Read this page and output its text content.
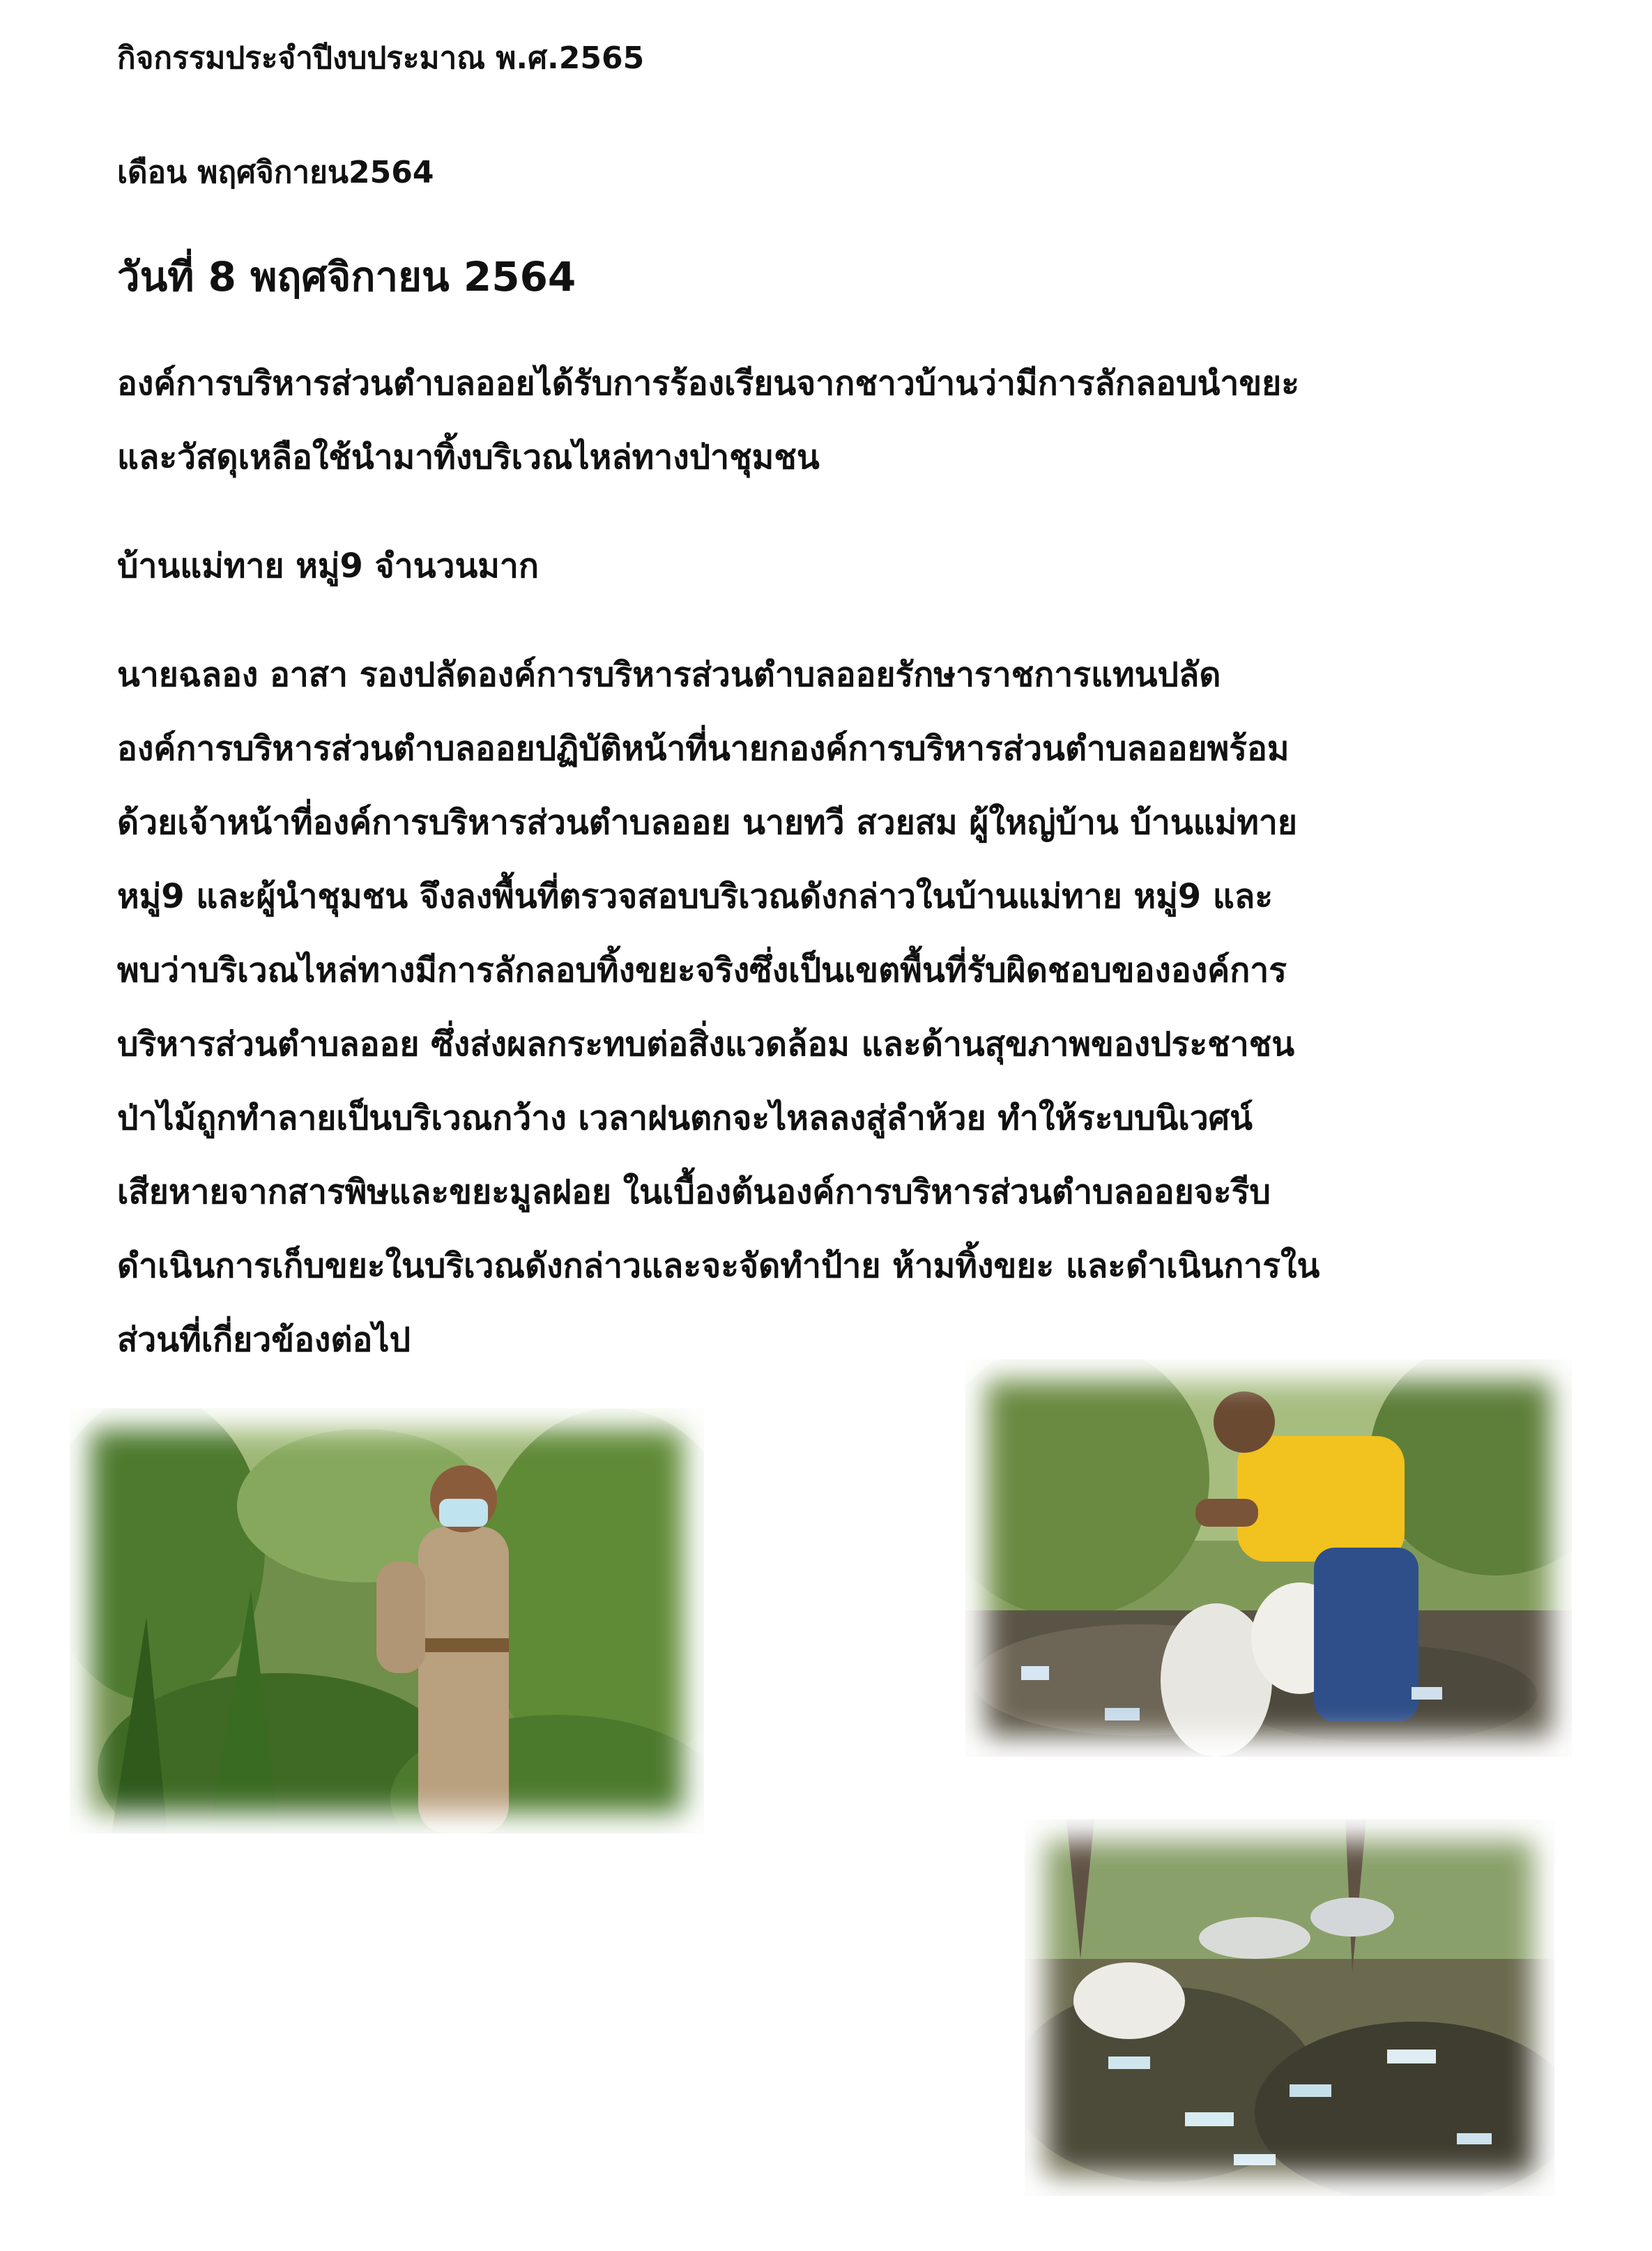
กิจกรรมประจำปีงบประมาณ พ.ศ.2565
เดือน พฤศจิกายน2564
วันที่ 8 พฤศจิกายน 2564
องค์การบริหารส่วนตำบลออยได้รับการร้องเรียนจากชาวบ้านว่ามีการลักลอบนำขยะ
และวัสดุเหลือใช้นำมาทิ้งบริเวณไหล่ทางป่าชุมชน
บ้านแม่ทาย หมู่9 จำนวนมาก
นายฉลอง อาสา รองปลัดองค์การบริหารส่วนตำบลออยรักษาราชการแทนปลัด
องค์การบริหารส่วนตำบลออยปฏิบัติหน้าที่นายกองค์การบริหารส่วนตำบลออยพร้อม
ด้วยเจ้าหน้าที่องค์การบริหารส่วนตำบลออย นายทวี สวยสม ผู้ใหญ่บ้าน บ้านแม่ทาย
หมู่9 และผู้นำชุมชน จึงลงพื้นที่ตรวจสอบบริเวณดังกล่าวในบ้านแม่ทาย หมู่9 และ
พบว่าบริเวณไหล่ทางมีการลักลอบทิ้งขยะจริงซึ่งเป็นเขตพื้นที่รับผิดชอบขององค์การ
บริหารส่วนตำบลออย ซึ่งส่งผลกระทบต่อสิ่งแวดล้อม และด้านสุขภาพของประชาชน
ป่าไม้ถูกทำลายเป็นบริเวณกว้าง เวลาฝนตกจะไหลลงสู่ลำห้วย ทำให้ระบบนิเวศน์
เสียหายจากสารพิษและขยะมูลฝอย ในเบื้องต้นองค์การบริหารส่วนตำบลออยจะรีบ
ดำเนินการเก็บขยะในบริเวณดังกล่าวและจะจัดทำป้าย ห้ามทิ้งขยะ และดำเนินการใน
ส่วนที่เกี่ยวข้องต่อไป
